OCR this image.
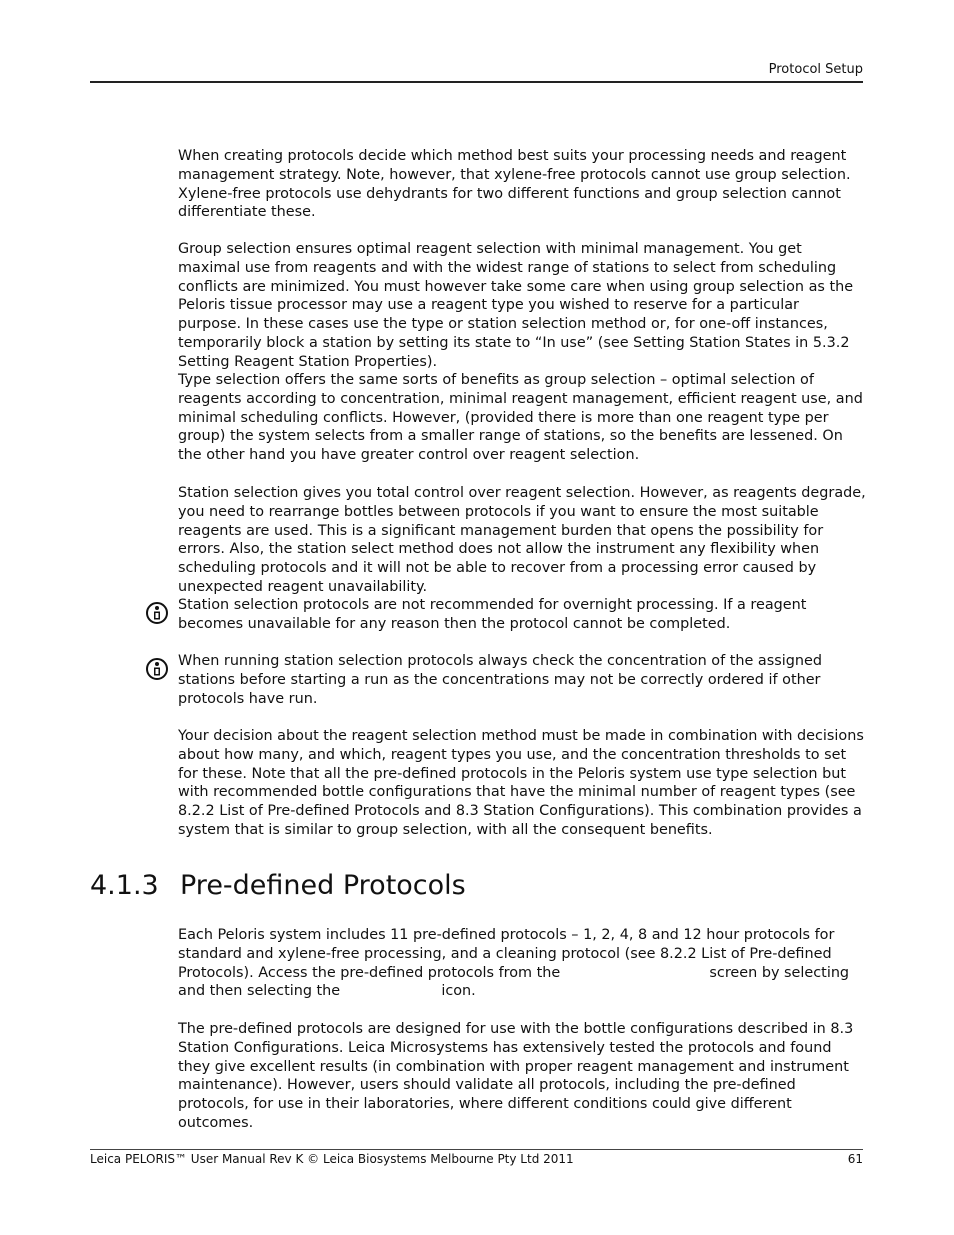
Protocol Setup

When creating protocols decide which method best suits your processing needs and reagent management strategy. Note, however, that xylene-free protocols cannot use group selection. Xylene-free protocols use dehydrants for two different functions and group selection cannot differentiate these.

Group selection ensures optimal reagent selection with minimal management. You get maximal use from reagents and with the widest range of stations to select from scheduling conflicts are minimized. You must however take some care when using group selection as the Peloris tissue processor may use a reagent type you wished to reserve for a particular purpose. In these cases use the type or station selection method or, for one-off instances, temporarily block a station by setting its state to “In use” (see Setting Station States in 5.3.2 Setting Reagent Station Properties).

Type selection offers the same sorts of benefits as group selection – optimal selection of reagents according to concentration, minimal reagent management, efficient reagent use, and minimal scheduling conflicts. However, (provided there is more than one reagent type per group) the system selects from a smaller range of stations, so the benefits are lessened. On the other hand you have greater control over reagent selection.

Station selection gives you total control over reagent selection. However, as reagents degrade, you need to rearrange bottles between protocols if you want to ensure the most suitable reagents are used. This is a significant management burden that opens the possibility for errors. Also, the station select method does not allow the instrument any flexibility when scheduling protocols and it will not be able to recover from a processing error caused by unexpected reagent unavailability.

Station selection protocols are not recommended for overnight processing. If a reagent becomes unavailable for any reason then the protocol cannot be completed.

When running station selection protocols always check the concentration of the assigned stations before starting a run as the concentrations may not be correctly ordered if other protocols have run.

Your decision about the reagent selection method must be made in combination with decisions about how many, and which, reagent types you use, and the concentration thresholds to set for these. Note that all the pre-defined protocols in the Peloris system use type selection but with recommended bottle configurations that have the minimal number of reagent types (see 8.2.2 List of Pre-defined Protocols and 8.3 Station Configurations). This combination provides a system that is similar to group selection, with all the consequent benefits.

4.1.3 Pre-defined Protocols

Each Peloris system includes 11 pre-defined protocols – 1, 2, 4, 8 and 12 hour protocols for standard and xylene-free processing, and a cleaning protocol (see 8.2.2 List of Pre-defined Protocols). Access the pre-defined protocols from the	screen by selecting and then selecting the	icon.

The pre-defined protocols are designed for use with the bottle configurations described in 8.3 Station Configurations. Leica Microsystems has extensively tested the protocols and found they give excellent results (in combination with proper reagent management and instrument maintenance). However, users should validate all protocols, including the pre-defined protocols, for use in their laboratories, where different conditions could give different outcomes.

Leica PELORIS™ User Manual Rev K © Leica Biosystems Melbourne Pty Ltd 2011	61
